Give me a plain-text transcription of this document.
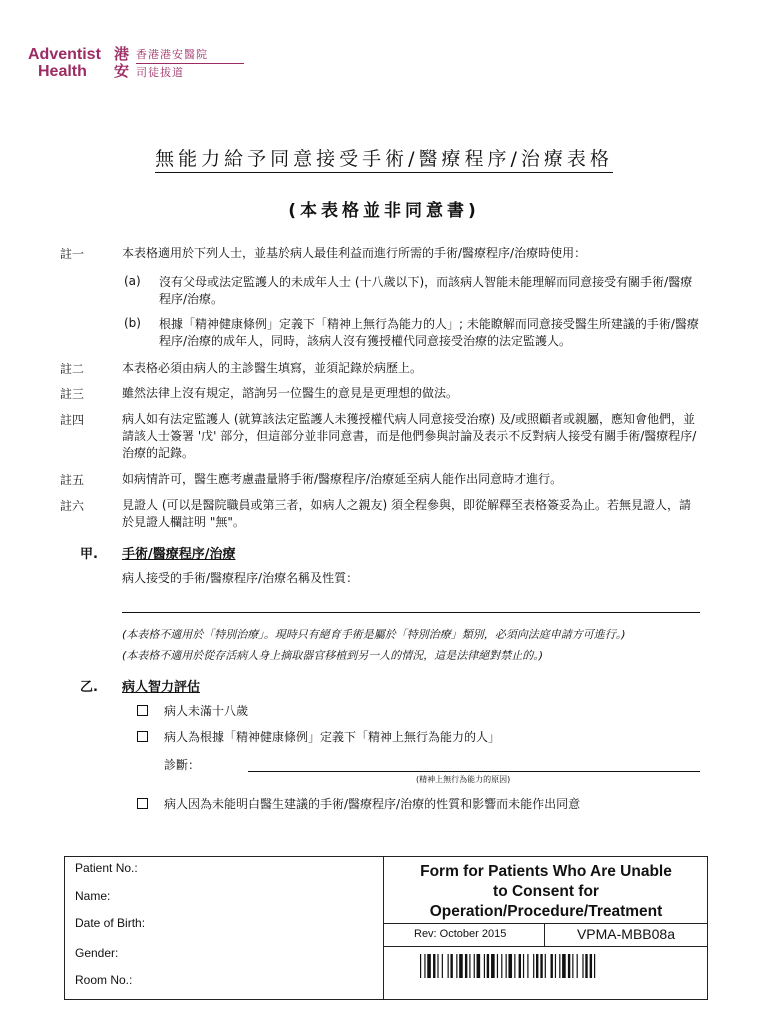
Adventist
Health
港
安
香港港安醫院
司徒拔道
無能力給予同意接受手術/醫療程序/治療表格
(本表格並非同意書)
註一	本表格適用於下列人士，並基於病人最佳利益而進行所需的手術/醫療程序/治療時使用：
(a) 沒有父母或法定監護人的未成年人士 (十八歲以下)，而該病人智能未能理解而同意接受有關手術/醫療程序/治療。
(b) 根據「精神健康條例」定義下「精神上無行為能力的人」; 未能瞭解而同意接受醫生所建議的手術/醫療程序/治療的成年人，同時，該病人沒有獲授權代同意接受治療的法定監護人。
註二	本表格必須由病人的主診醫生填寫，並須記錄於病歷上。
註三	雖然法律上沒有規定，諮詢另一位醫生的意見是更理想的做法。
註四	病人如有法定監護人 (就算該法定監護人未獲授權代病人同意接受治療) 及/或照顧者或親屬，應知會他們，並請該人士簽署 '戊' 部分，但這部分並非同意書，而是他們參與討論及表示不反對病人接受有關手術/醫療程序/治療的記錄。
註五	如病情許可，醫生應考慮盡量將手術/醫療程序/治療延至病人能作出同意時才進行。
註六	見證人 (可以是醫院職員或第三者，如病人之親友) 須全程參與，即從解釋至表格簽妥為止。若無見證人，請於見證人欄註明 "無"。
甲. 手術/醫療程序/治療
病人接受的手術/醫療程序/治療名稱及性質：
(本表格不適用於「特別治療」。現時只有絕育手術是屬於「特別治療」類別，必須向法庭申請方可進行。)
(本表格不適用於從存活病人身上摘取器官移植到另一人的情況，這是法律絕對禁止的。)
乙. 病人智力評估
病人未滿十八歲
病人為根據「精神健康條例」定義下「精神上無行為能力的人」
診斷：
(精神上無行為能力的原因)
病人因為未能明白醫生建議的手術/醫療程序/治療的性質和影響而未能作出同意
Patient No.:
Name:
Date of Birth:
Gender:
Room No.:
Form for Patients Who Are Unable
to Consent for
Operation/Procedure/Treatment
Rev: October 2015	VPMA-MBB08a
